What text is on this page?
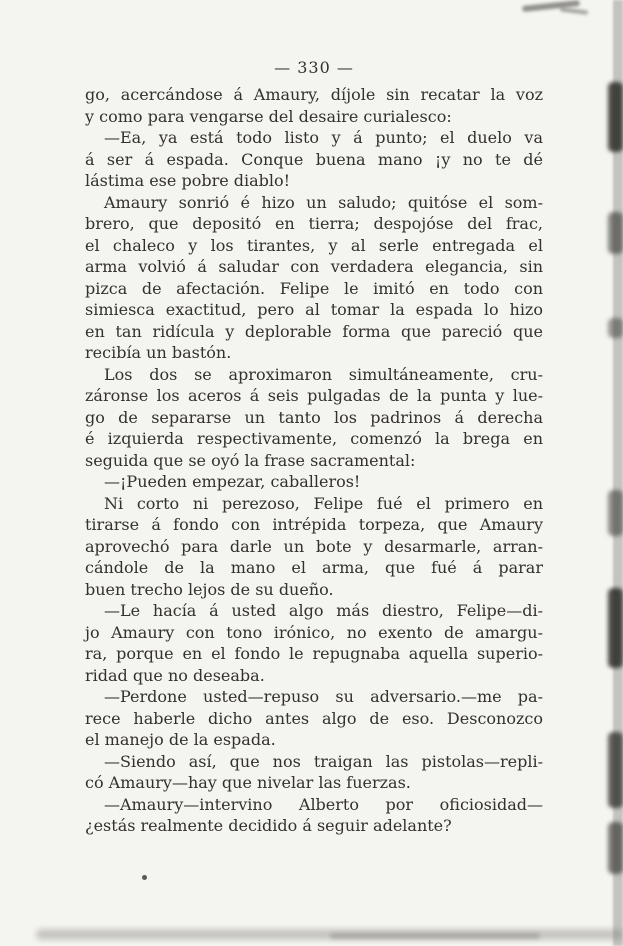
— 330 —

go, acercándose á Amaury, díjole sin recatar la voz
y como para vengarse del desaire curialesco:

—Ea, ya está todo listo y á punto; el duelo va
á ser á espada. Conque buena mano ¡y no te dé
lástima ese pobre diablo!

Amaury sonrió é hizo un saludo; quitóse el som-
brero, que depositó en tierra; despojóse del frac,
el chaleco y los tirantes, y al serle entregada el
arma volvió á saludar con verdadera elegancia, sin
pizca de afectación. Felipe le imitó en todo con
simiesca exactitud, pero al tomar la espada lo hizo
en tan ridícula y deplorable forma que pareció que
recibía un bastón.

Los dos se aproximaron simultáneamente, cru-
záronse los aceros á seis pulgadas de la punta y lue-
go de separarse un tanto los padrinos á derecha
é izquierda respectivamente, comenzó la brega en
seguida que se oyó la frase sacramental:

—¡Pueden empezar, caballeros!

Ni corto ni perezoso, Felipe fué el primero en
tirarse á fondo con intrépida torpeza, que Amaury
aprovechó para darle un bote y desarmarle, arran-
cándole de la mano el arma, que fué á parar
buen trecho lejos de su dueño.

—Le hacía á usted algo más diestro, Felipe—di-
jo Amaury con tono irónico, no exento de amargu-
ra, porque en el fondo le repugnaba aquella superio-
ridad que no deseaba.

—Perdone usted—repuso su adversario.—me pa-
rece haberle dicho antes algo de eso. Desconozco
el manejo de la espada.

—Siendo así, que nos traigan las pistolas—repli-
có Amaury—hay que nivelar las fuerzas.

—Amaury—intervino Alberto por oficiosidad—
¿estás realmente decidido á seguir adelante?
